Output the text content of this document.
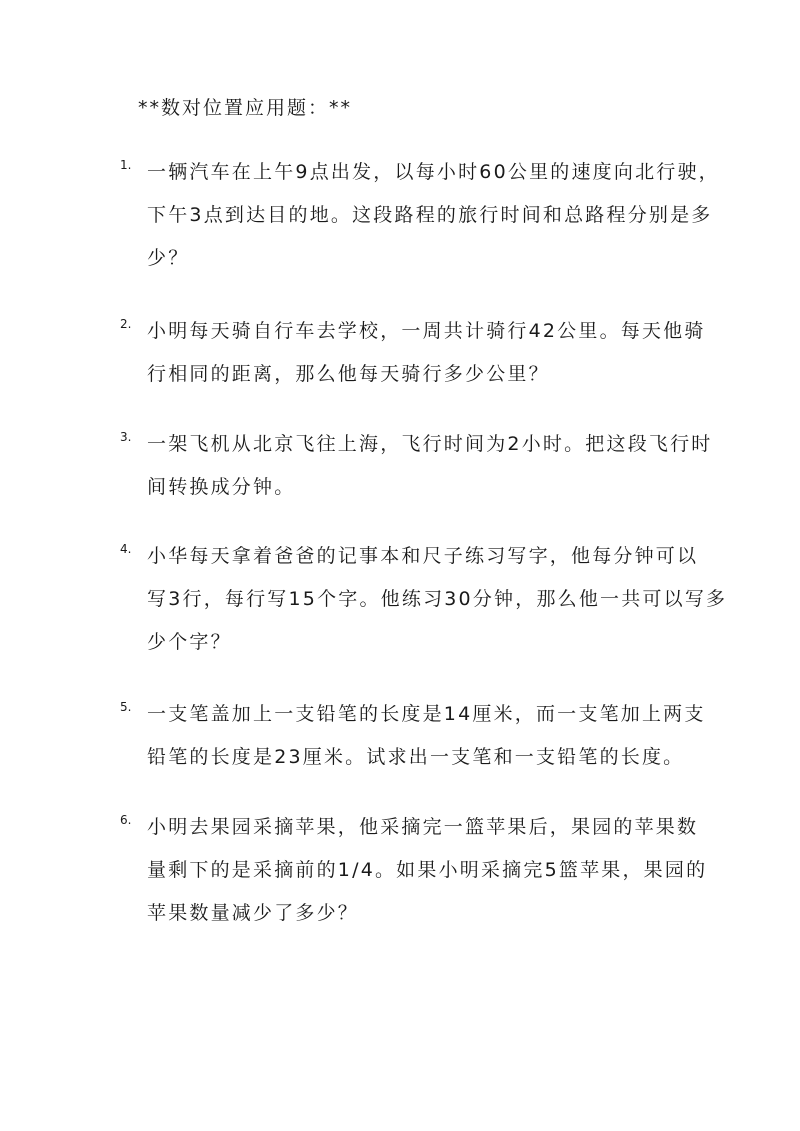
**数对位置应用题：**
1. 一辆汽车在上午9点出发，以每小时60公里的速度向北行驶，
下午3点到达目的地。这段路程的旅行时间和总路程分别是多
少？
2. 小明每天骑自行车去学校，一周共计骑行42公里。每天他骑
行相同的距离，那么他每天骑行多少公里？
3. 一架飞机从北京飞往上海，飞行时间为2小时。把这段飞行时
间转换成分钟。
4. 小华每天拿着爸爸的记事本和尺子练习写字，他每分钟可以
写3行，每行写15个字。他练习30分钟，那么他一共可以写多
少个字？
5. 一支笔盖加上一支铅笔的长度是14厘米，而一支笔加上两支
铅笔的长度是23厘米。试求出一支笔和一支铅笔的长度。
6. 小明去果园采摘苹果，他采摘完一篮苹果后，果园的苹果数
量剩下的是采摘前的1/4。如果小明采摘完5篮苹果，果园的
苹果数量减少了多少？
